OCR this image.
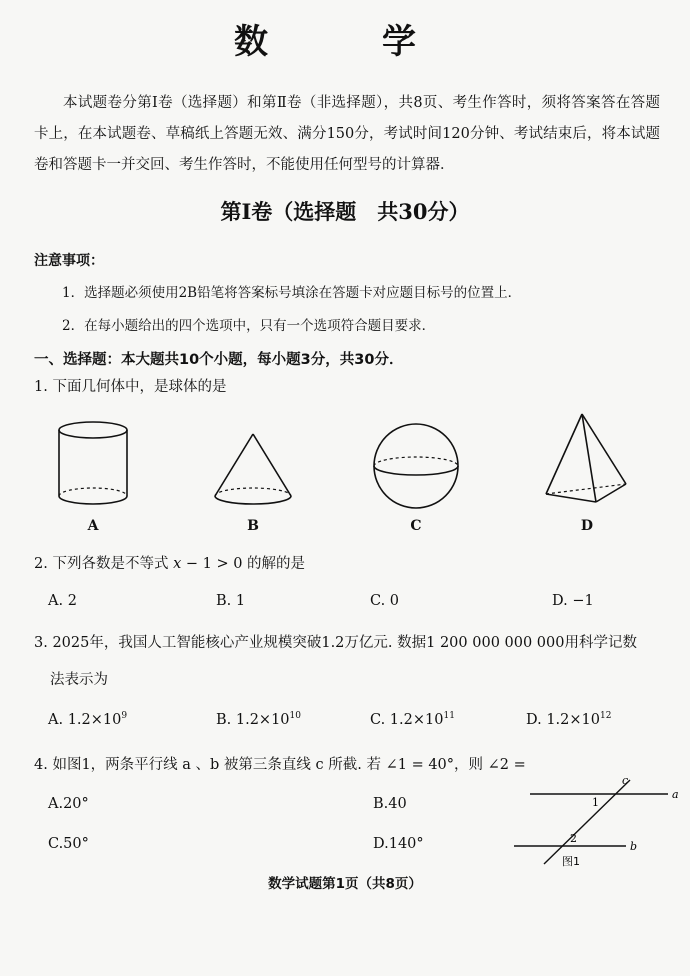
数　学
本试题卷分第Ⅰ卷（选择题）和第Ⅱ卷（非选择题），共8页、考生作答时，须将答案答在答题卡上，在本试题卷、草稿纸上答题无效、满分150分，考试时间120分钟、考试结束后，将本试题卷和答题卡一并交回、考生作答时，不能使用任何型号的计算器．
第Ⅰ卷（选择题　共30分）
注意事项：
1．选择题必须使用2B铅笔将答案标号填涂在答题卡对应题目标号的位置上．
2．在每小题给出的四个选项中，只有一个选项符合题目要求．
一、选择题：本大题共10个小题，每小题3分，共30分．
1. 下面几何体中，是球体的是
A	B	C	D
2. 下列各数是不等式 x − 1 > 0 的解的是
A. 2	B. 1	C. 0	D. −1
3. 2025年，我国人工智能核心产业规模突破1.2万亿元. 数据1 200 000 000 000用科学记数
法表示为
A. $1.2\times 10^9$	B. $1.2\times 10^{10}$	C. $1.2\times 10^{11}$	D. $1.2\times 10^{12}$
4. 如图1，两条平行线 a 、b 被第三条直线 c 所截. 若 ∠1 = 40°，则 ∠2 =
A.20°	B.40
C.50°	D.140°
c
a
b
1
2
图1
数学试题第1页（共8页）
